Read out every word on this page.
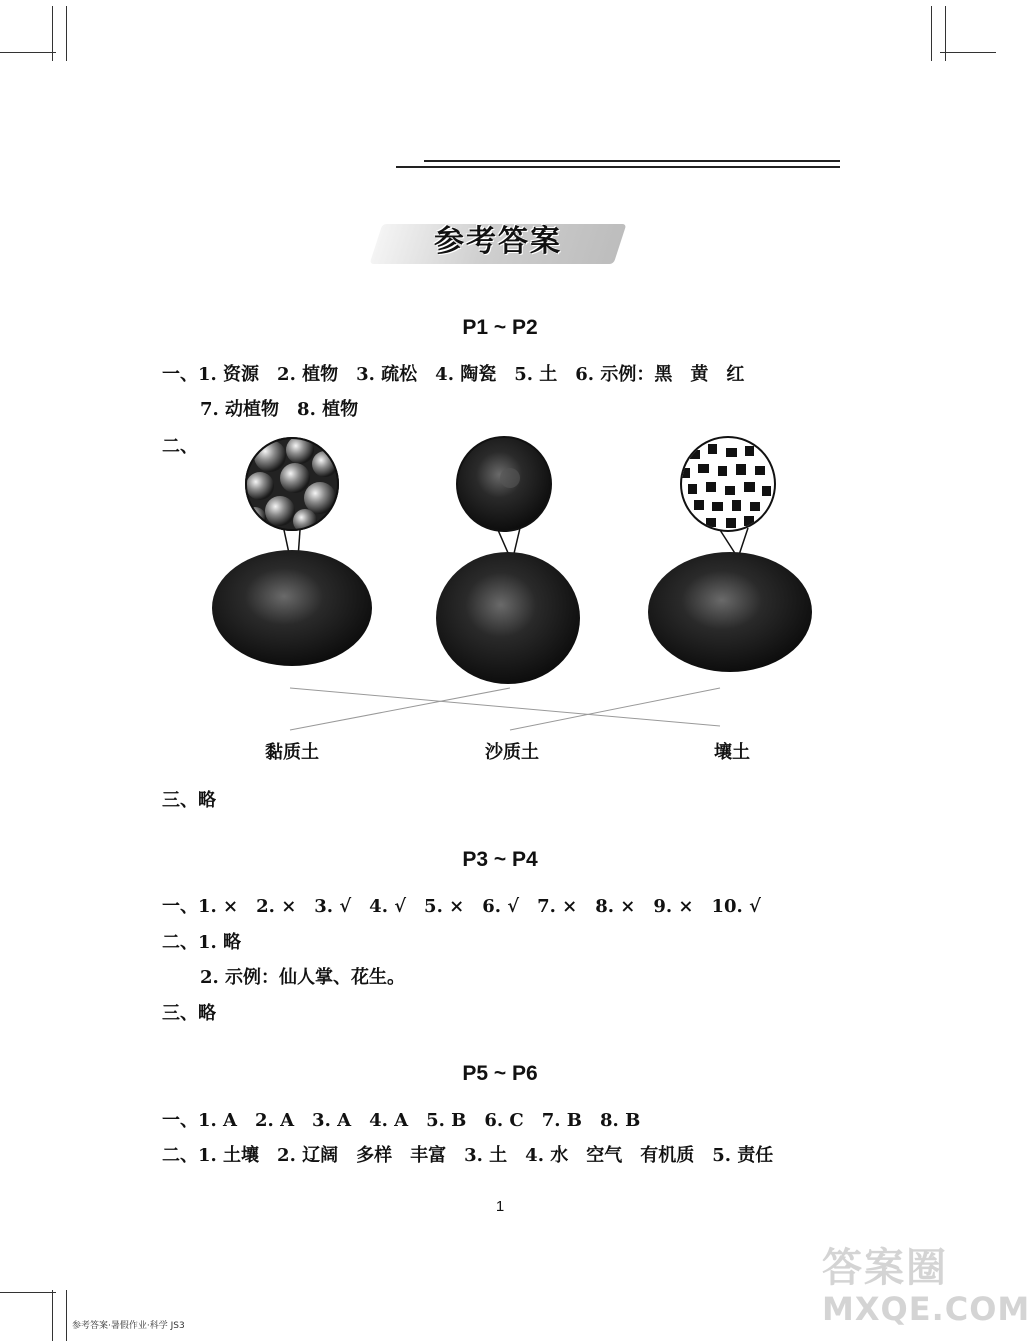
参考答案
P1 ~ P2
一、1. 资源　2. 植物　3. 疏松　4. 陶瓷　5. 土　6. 示例：黑　黄　红
7. 动植物　8. 植物
二、
黏质土	沙质土	壤土
三、略
P3 ~ P4
一、1. ×　2. ×　3. √　4. √　5. ×　6. √　7. ×　8. ×　9. ×　10. √
二、1. 略
2. 示例：仙人掌、花生。
三、略
P5 ~ P6
一、1. A　2. A　3. A　4. A　5. B　6. C　7. B　8. B
二、1. 土壤　2. 辽阔　多样　丰富　3. 土　4. 水　空气　有机质　5. 责任
1
参考答案·暑假作业·科学 JS3
答案圈
MXQE.COM
